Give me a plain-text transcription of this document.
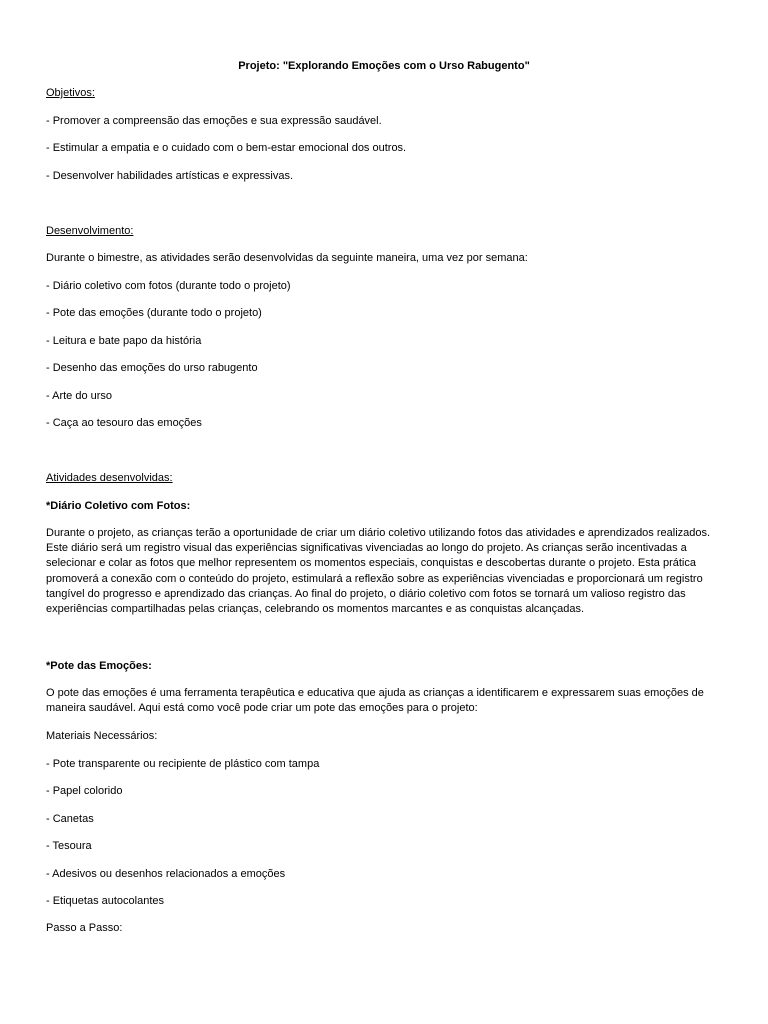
Projeto: "Explorando Emoções com o Urso Rabugento"

Objetivos:

- Promover a compreensão das emoções e sua expressão saudável.

- Estimular a empatia e o cuidado com o bem-estar emocional dos outros.

- Desenvolver habilidades artísticas e expressivas.

Desenvolvimento:

Durante o bimestre, as atividades serão desenvolvidas da seguinte maneira, uma vez por semana:

- Diário coletivo com fotos (durante todo o projeto)

- Pote das emoções (durante todo o projeto)

- Leitura e bate papo da história

- Desenho das emoções do urso rabugento

- Arte do urso

- Caça ao tesouro das emoções

Atividades desenvolvidas:

*Diário Coletivo com Fotos:

Durante o projeto, as crianças terão a oportunidade de criar um diário coletivo utilizando fotos das atividades e aprendizados realizados. Este diário será um registro visual das experiências significativas vivenciadas ao longo do projeto. As crianças serão incentivadas a selecionar e colar as fotos que melhor representem os momentos especiais, conquistas e descobertas durante o projeto. Esta prática promoverá a conexão com o conteúdo do projeto, estimulará a reflexão sobre as experiências vivenciadas e proporcionará um registro tangível do progresso e aprendizado das crianças. Ao final do projeto, o diário coletivo com fotos se tornará um valioso registro das experiências compartilhadas pelas crianças, celebrando os momentos marcantes e as conquistas alcançadas.

*Pote das Emoções:

O pote das emoções é uma ferramenta terapêutica e educativa que ajuda as crianças a identificarem e expressarem suas emoções de maneira saudável. Aqui está como você pode criar um pote das emoções para o projeto:

Materiais Necessários:

- Pote transparente ou recipiente de plástico com tampa

- Papel colorido

- Canetas

- Tesoura

- Adesivos ou desenhos relacionados a emoções

- Etiquetas autocolantes

Passo a Passo:
